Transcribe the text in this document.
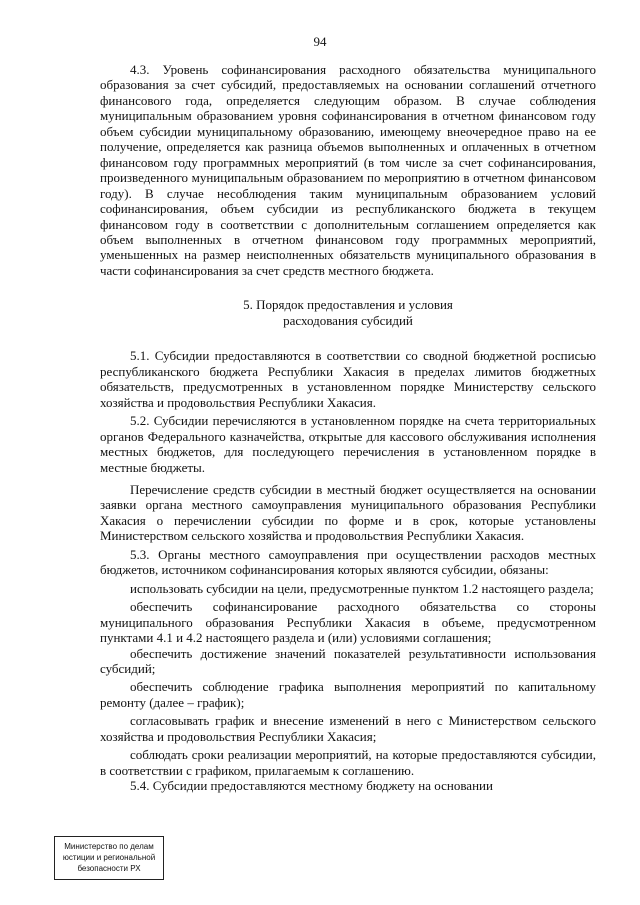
94

4.3. Уровень софинансирования расходного обязательства муниципального образования за счет субсидий, предоставляемых на основании соглашений отчетного финансового года, определяется следующим образом. В случае соблюдения муниципальным образованием уровня софинансирования в отчетном финансовом году объем субсидии муниципальному образованию, имеющему внеочередное право на ее получение, определяется как разница объемов выполненных и оплаченных в отчетном финансовом году программных мероприятий (в том числе за счет софинансирования, произведенного муниципальным образованием по мероприятию в отчетном финансовом году). В случае несоблюдения таким муниципальным образованием условий софинансирования, объем субсидии из республиканского бюджета в текущем финансовом году в соответствии с дополнительным соглашением определяется как объем выполненных в отчетном финансовом году программных мероприятий, уменьшенных на размер неисполненных обязательств муниципального образования в части софинансирования за счет средств местного бюджета.

5. Порядок предоставления и условия
расходования субсидий

5.1. Субсидии предоставляются в соответствии со сводной бюджетной росписью республиканского бюджета Республики Хакасия в пределах лимитов бюджетных обязательств, предусмотренных в установленном порядке Министерству сельского хозяйства и продовольствия Республики Хакасия.

5.2. Субсидии перечисляются в установленном порядке на счета территориальных органов Федерального казначейства, открытые для кассового обслуживания исполнения местных бюджетов, для последующего перечисления в установленном порядке в местные бюджеты.

Перечисление средств субсидии в местный бюджет осуществляется на основании заявки органа местного самоуправления муниципального образования Республики Хакасия о перечислении субсидии по форме и в срок, которые установлены Министерством сельского хозяйства и продовольствия Республики Хакасия.

5.3. Органы местного самоуправления при осуществлении расходов местных бюджетов, источником софинансирования которых являются субсидии, обязаны:

использовать субсидии на цели, предусмотренные пунктом 1.2 настоящего раздела;

обеспечить софинансирование расходного обязательства со стороны муниципального образования Республики Хакасия в объеме, предусмотренном пунктами 4.1 и 4.2 настоящего раздела и (или) условиями соглашения;

обеспечить достижение значений показателей результативности использования субсидий;

обеспечить соблюдение графика выполнения мероприятий по капитальному ремонту (далее – график);

согласовывать график и внесение изменений в него с Министерством сельского хозяйства и продовольствия Республики Хакасия;

соблюдать сроки реализации мероприятий, на которые предоставляются субсидии, в соответствии с графиком, прилагаемым к соглашению.

5.4. Субсидии предоставляются местному бюджету на основании

Министерство по делам
юстиции и региональной
безопасности РХ
